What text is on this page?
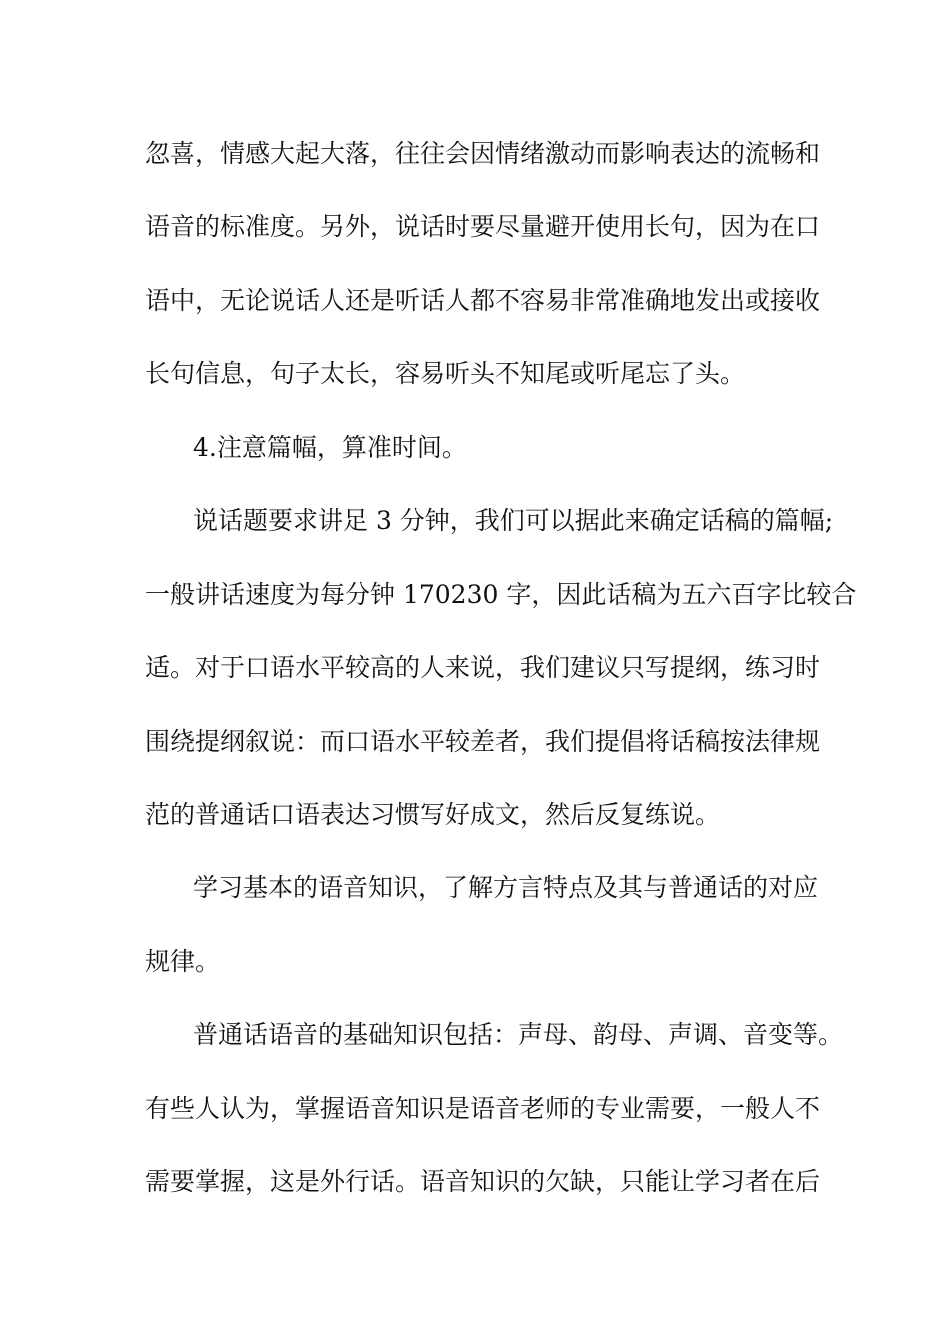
忽喜，情感大起大落，往往会因情绪激动而影响表达的流畅和

语音的标准度。另外，说话时要尽量避开使用长句，因为在口

语中，无论说话人还是听话人都不容易非常准确地发出或接收

长句信息，句子太长，容易听头不知尾或听尾忘了头。

4.注意篇幅，算准时间。

说话题要求讲足 3 分钟，我们可以据此来确定话稿的篇幅;

一般讲话速度为每分钟 170230 字，因此话稿为五六百字比较合

适。对于口语水平较高的人来说，我们建议只写提纲，练习时

围绕提纲叙说：而口语水平较差者，我们提倡将话稿按法律规

范的普通话口语表达习惯写好成文，然后反复练说。

学习基本的语音知识，了解方言特点及其与普通话的对应

规律。

普通话语音的基础知识包括：声母、韵母、声调、音变等。

有些人认为，掌握语音知识是语音老师的专业需要，一般人不

需要掌握，这是外行话。语音知识的欠缺，只能让学习者在后
